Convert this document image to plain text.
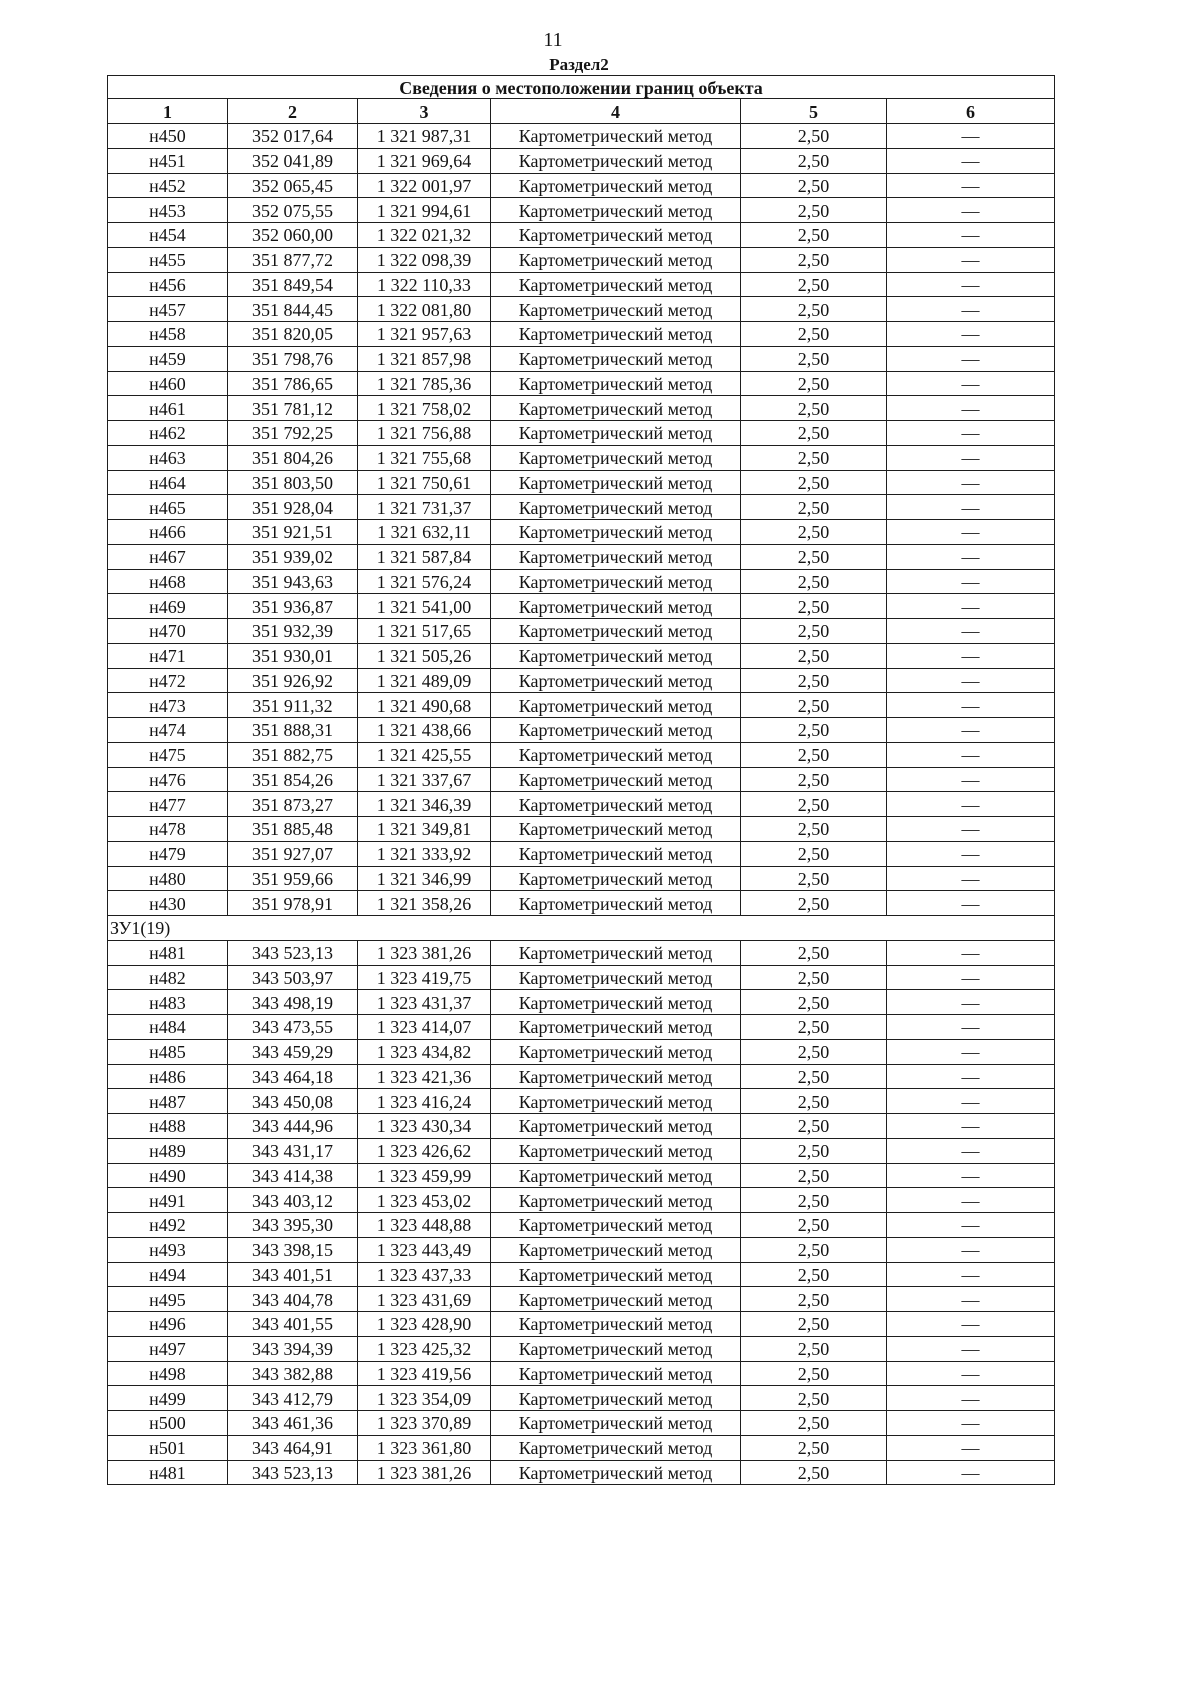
11
Раздел2
Сведения о местоположении границ объекта
1	2	3	4	5	6
н450	352 017,64	1 321 987,31	Картометрический метод	2,50	—
н451	352 041,89	1 321 969,64	Картометрический метод	2,50	—
н452	352 065,45	1 322 001,97	Картометрический метод	2,50	—
н453	352 075,55	1 321 994,61	Картометрический метод	2,50	—
н454	352 060,00	1 322 021,32	Картометрический метод	2,50	—
н455	351 877,72	1 322 098,39	Картометрический метод	2,50	—
н456	351 849,54	1 322 110,33	Картометрический метод	2,50	—
н457	351 844,45	1 322 081,80	Картометрический метод	2,50	—
н458	351 820,05	1 321 957,63	Картометрический метод	2,50	—
н459	351 798,76	1 321 857,98	Картометрический метод	2,50	—
н460	351 786,65	1 321 785,36	Картометрический метод	2,50	—
н461	351 781,12	1 321 758,02	Картометрический метод	2,50	—
н462	351 792,25	1 321 756,88	Картометрический метод	2,50	—
н463	351 804,26	1 321 755,68	Картометрический метод	2,50	—
н464	351 803,50	1 321 750,61	Картометрический метод	2,50	—
н465	351 928,04	1 321 731,37	Картометрический метод	2,50	—
н466	351 921,51	1 321 632,11	Картометрический метод	2,50	—
н467	351 939,02	1 321 587,84	Картометрический метод	2,50	—
н468	351 943,63	1 321 576,24	Картометрический метод	2,50	—
н469	351 936,87	1 321 541,00	Картометрический метод	2,50	—
н470	351 932,39	1 321 517,65	Картометрический метод	2,50	—
н471	351 930,01	1 321 505,26	Картометрический метод	2,50	—
н472	351 926,92	1 321 489,09	Картометрический метод	2,50	—
н473	351 911,32	1 321 490,68	Картометрический метод	2,50	—
н474	351 888,31	1 321 438,66	Картометрический метод	2,50	—
н475	351 882,75	1 321 425,55	Картометрический метод	2,50	—
н476	351 854,26	1 321 337,67	Картометрический метод	2,50	—
н477	351 873,27	1 321 346,39	Картометрический метод	2,50	—
н478	351 885,48	1 321 349,81	Картометрический метод	2,50	—
н479	351 927,07	1 321 333,92	Картометрический метод	2,50	—
н480	351 959,66	1 321 346,99	Картометрический метод	2,50	—
н430	351 978,91	1 321 358,26	Картометрический метод	2,50	—
ЗУ1(19)
н481	343 523,13	1 323 381,26	Картометрический метод	2,50	—
н482	343 503,97	1 323 419,75	Картометрический метод	2,50	—
н483	343 498,19	1 323 431,37	Картометрический метод	2,50	—
н484	343 473,55	1 323 414,07	Картометрический метод	2,50	—
н485	343 459,29	1 323 434,82	Картометрический метод	2,50	—
н486	343 464,18	1 323 421,36	Картометрический метод	2,50	—
н487	343 450,08	1 323 416,24	Картометрический метод	2,50	—
н488	343 444,96	1 323 430,34	Картометрический метод	2,50	—
н489	343 431,17	1 323 426,62	Картометрический метод	2,50	—
н490	343 414,38	1 323 459,99	Картометрический метод	2,50	—
н491	343 403,12	1 323 453,02	Картометрический метод	2,50	—
н492	343 395,30	1 323 448,88	Картометрический метод	2,50	—
н493	343 398,15	1 323 443,49	Картометрический метод	2,50	—
н494	343 401,51	1 323 437,33	Картометрический метод	2,50	—
н495	343 404,78	1 323 431,69	Картометрический метод	2,50	—
н496	343 401,55	1 323 428,90	Картометрический метод	2,50	—
н497	343 394,39	1 323 425,32	Картометрический метод	2,50	—
н498	343 382,88	1 323 419,56	Картометрический метод	2,50	—
н499	343 412,79	1 323 354,09	Картометрический метод	2,50	—
н500	343 461,36	1 323 370,89	Картометрический метод	2,50	—
н501	343 464,91	1 323 361,80	Картометрический метод	2,50	—
н481	343 523,13	1 323 381,26	Картометрический метод	2,50	—
